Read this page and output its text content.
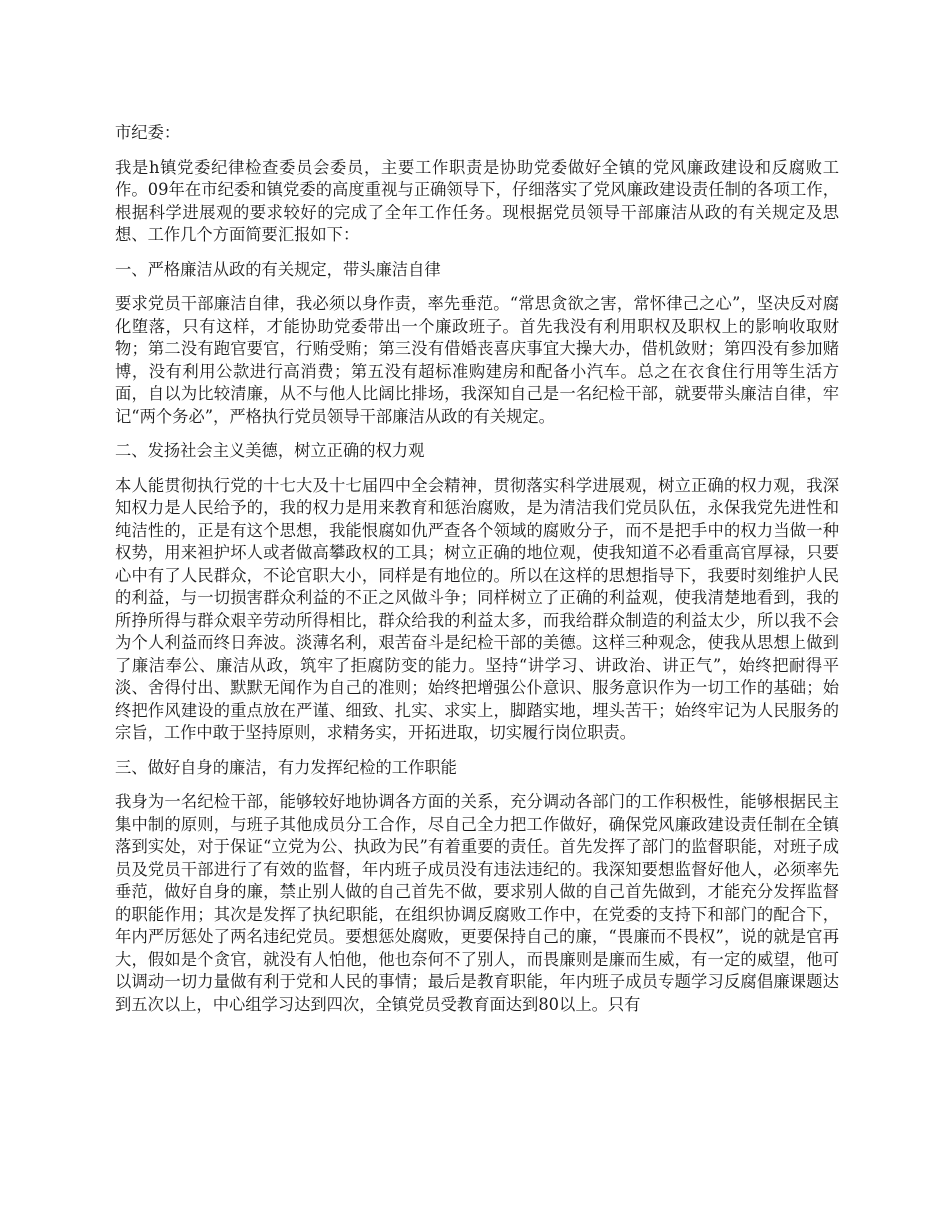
市纪委：

我是h镇党委纪律检查委员会委员，主要工作职责是协助党委做好全镇的党风廉政建设和反腐败工作。09年在市纪委和镇党委的高度重视与正确领导下，仔细落实了党风廉政建设责任制的各项工作，根据科学进展观的要求较好的完成了全年工作任务。现根据党员领导干部廉洁从政的有关规定及思想、工作几个方面简要汇报如下：

一、严格廉洁从政的有关规定，带头廉洁自律

要求党员干部廉洁自律，我必须以身作责，率先垂范。“常思贪欲之害，常怀律己之心”，坚决反对腐化堕落，只有这样，才能协助党委带出一个廉政班子。首先我没有利用职权及职权上的影响收取财物；第二没有跑官要官，行贿受贿；第三没有借婚丧喜庆事宜大操大办，借机敛财；第四没有参加赌博，没有利用公款进行高消费；第五没有超标准购建房和配备小汽车。总之在衣食住行用等生活方面，自以为比较清廉，从不与他人比阔比排场，我深知自己是一名纪检干部，就要带头廉洁自律，牢记“两个务必”，严格执行党员领导干部廉洁从政的有关规定。

二、发扬社会主义美德，树立正确的权力观

本人能贯彻执行党的十七大及十七届四中全会精神，贯彻落实科学进展观，树立正确的权力观，我深知权力是人民给予的，我的权力是用来教育和惩治腐败，是为清洁我们党员队伍，永保我党先进性和纯洁性的，正是有这个思想，我能恨腐如仇严查各个领域的腐败分子，而不是把手中的权力当做一种权势，用来袒护坏人或者做高攀政权的工具；树立正确的地位观，使我知道不必看重高官厚禄，只要心中有了人民群众，不论官职大小，同样是有地位的。所以在这样的思想指导下，我要时刻维护人民的利益，与一切损害群众利益的不正之风做斗争；同样树立了正确的利益观，使我清楚地看到，我的所挣所得与群众艰辛劳动所得相比，群众给我的利益太多，而我给群众制造的利益太少，所以我不会为个人利益而终日奔波。淡薄名利，艰苦奋斗是纪检干部的美德。这样三种观念，使我从思想上做到了廉洁奉公、廉洁从政，筑牢了拒腐防变的能力。坚持“讲学习、讲政治、讲正气”，始终把耐得平淡、舍得付出、默默无闻作为自己的准则；始终把增强公仆意识、服务意识作为一切工作的基础；始终把作风建设的重点放在严谨、细致、扎实、求实上，脚踏实地，埋头苦干；始终牢记为人民服务的宗旨，工作中敢于坚持原则，求精务实，开拓进取，切实履行岗位职责。

三、做好自身的廉洁，有力发挥纪检的工作职能

我身为一名纪检干部，能够较好地协调各方面的关系，充分调动各部门的工作积极性，能够根据民主集中制的原则，与班子其他成员分工合作，尽自己全力把工作做好，确保党风廉政建设责任制在全镇落到实处，对于保证“立党为公、执政为民”有着重要的责任。首先发挥了部门的监督职能，对班子成员及党员干部进行了有效的监督，年内班子成员没有违法违纪的。我深知要想监督好他人，必须率先垂范，做好自身的廉，禁止别人做的自己首先不做，要求别人做的自己首先做到，才能充分发挥监督的职能作用；其次是发挥了执纪职能，在组织协调反腐败工作中，在党委的支持下和部门的配合下，年内严厉惩处了两名违纪党员。要想惩处腐败，更要保持自己的廉，“畏廉而不畏权”，说的就是官再大，假如是个贪官，就没有人怕他，他也奈何不了别人，而畏廉则是廉而生威，有一定的威望，他可以调动一切力量做有利于党和人民的事情；最后是教育职能，年内班子成员专题学习反腐倡廉课题达到五次以上，中心组学习达到四次，全镇党员受教育面达到80以上。只有
